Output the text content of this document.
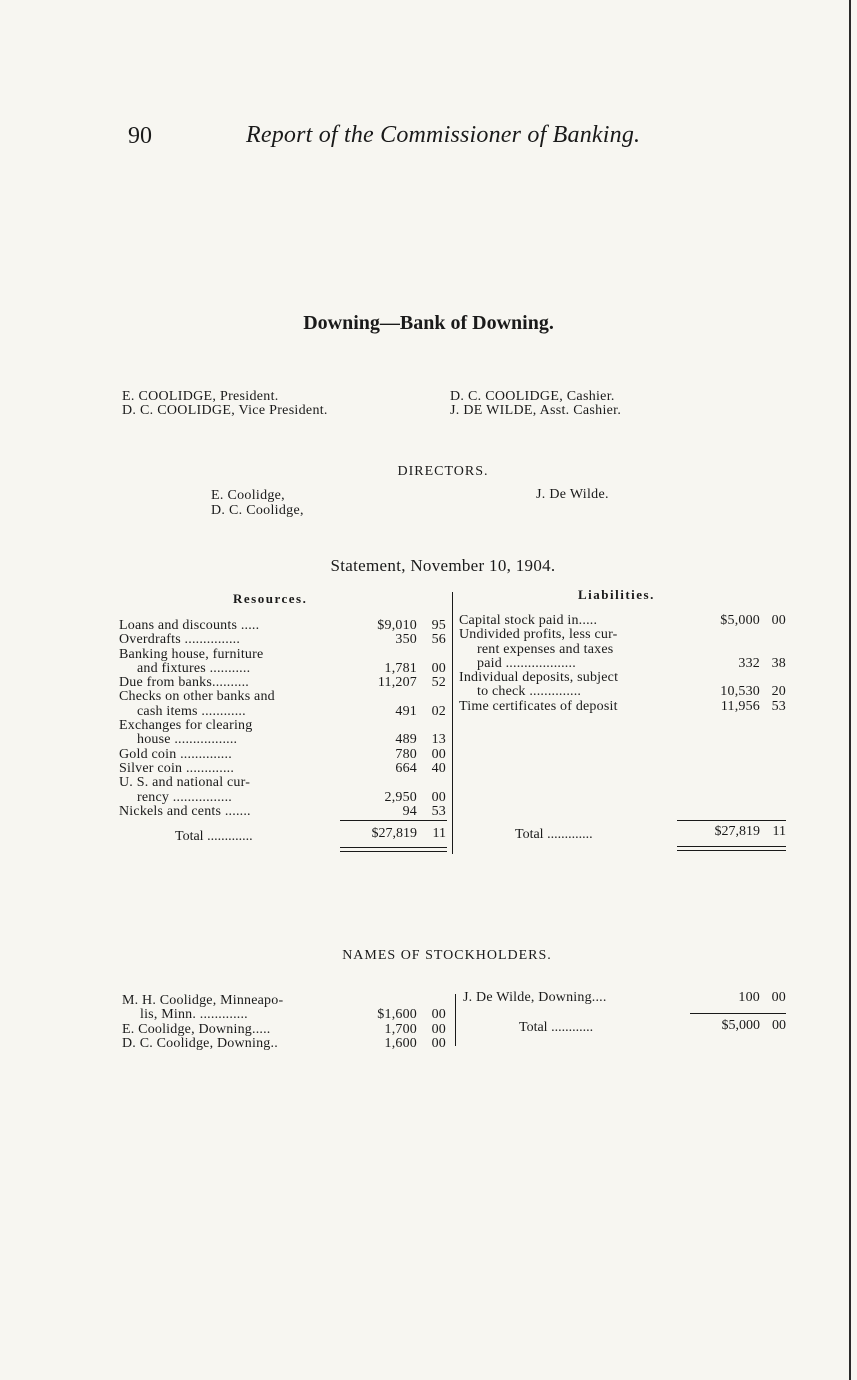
90	Report of the Commissioner of Banking.
Downing—Bank of Downing.
E. COOLIDGE, President.
D. C. COOLIDGE, Vice President.
D. C. COOLIDGE, Cashier.
J. DE WILDE, Asst. Cashier.
DIRECTORS.
E. Coolidge,
D. C. Coolidge,
J. De Wilde.
Statement, November 10, 1904.
Resources.	Liabilities.
Loans and discounts .....	$9,010	95
Overdrafts ...............	350	56
Banking house, furniture
and fixtures ...........	1,781	00
Due from banks..........	11,207	52
Checks on other banks and
cash items ............	491	02
Exchanges for clearing
house .................	489	13
Gold coin ..............	780	00
Silver coin .............	664	40
U. S. and national cur-
rency ................	2,950	00
Nickels and cents .......	94	53
Total .............	$27,819	11
Capital stock paid in.....	$5,000 00
Undivided profits, less cur-
rent expenses and taxes
paid ...................	332 38
Individual deposits, subject
to check ..............	10,530 20
Time certificates of deposit	11,956 53
Total .............	$27,819 11
NAMES OF STOCKHOLDERS.
M. H. Coolidge, Minneapo-
lis, Minn. .............	$1,600	00
E. Coolidge, Downing.....	1,700	00
D. C. Coolidge, Downing..	1,600	00
J. De Wilde, Downing....	100 00
Total ............	$5,000 00
